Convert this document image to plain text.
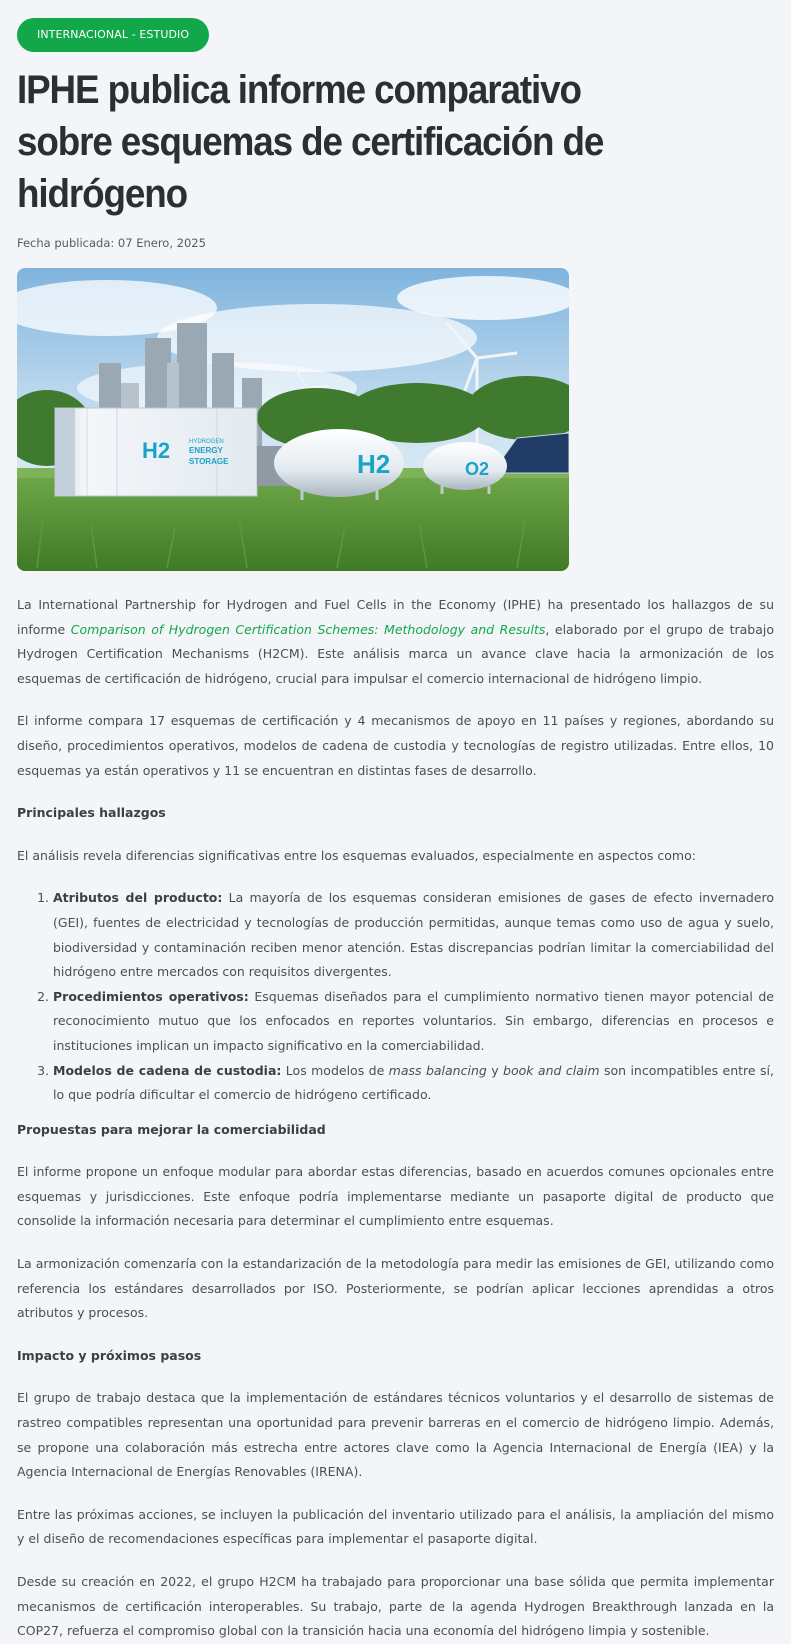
INTERNACIONAL - ESTUDIO
IPHE publica informe comparativo sobre esquemas de certificación de hidrógeno
Fecha publicada: 07 Enero, 2025
H2	HYDROGEN
ENERGY
STORAGE	H2	O2

La International Partnership for Hydrogen and Fuel Cells in the Economy (IPHE) ha presentado los hallazgos de su informe Comparison of Hydrogen Certification Schemes: Methodology and Results, elaborado por el grupo de trabajo Hydrogen Certification Mechanisms (H2CM). Este análisis marca un avance clave hacia la armonización de los esquemas de certificación de hidrógeno, crucial para impulsar el comercio internacional de hidrógeno limpio.

El informe compara 17 esquemas de certificación y 4 mecanismos de apoyo en 11 países y regiones, abordando su diseño, procedimientos operativos, modelos de cadena de custodia y tecnologías de registro utilizadas. Entre ellos, 10 esquemas ya están operativos y 11 se encuentran en distintas fases de desarrollo.

Principales hallazgos

El análisis revela diferencias significativas entre los esquemas evaluados, especialmente en aspectos como:

1. Atributos del producto: La mayoría de los esquemas consideran emisiones de gases de efecto invernadero (GEI), fuentes de electricidad y tecnologías de producción permitidas, aunque temas como uso de agua y suelo, biodiversidad y contaminación reciben menor atención. Estas discrepancias podrían limitar la comerciabilidad del hidrógeno entre mercados con requisitos divergentes.
2. Procedimientos operativos: Esquemas diseñados para el cumplimiento normativo tienen mayor potencial de reconocimiento mutuo que los enfocados en reportes voluntarios. Sin embargo, diferencias en procesos e instituciones implican un impacto significativo en la comerciabilidad.
3. Modelos de cadena de custodia: Los modelos de mass balancing y book and claim son incompatibles entre sí, lo que podría dificultar el comercio de hidrógeno certificado.
Propuestas para mejorar la comerciabilidad

El informe propone un enfoque modular para abordar estas diferencias, basado en acuerdos comunes opcionales entre esquemas y jurisdicciones. Este enfoque podría implementarse mediante un pasaporte digital de producto que consolide la información necesaria para determinar el cumplimiento entre esquemas.

La armonización comenzaría con la estandarización de la metodología para medir las emisiones de GEI, utilizando como referencia los estándares desarrollados por ISO. Posteriormente, se podrían aplicar lecciones aprendidas a otros atributos y procesos.

Impacto y próximos pasos

El grupo de trabajo destaca que la implementación de estándares técnicos voluntarios y el desarrollo de sistemas de rastreo compatibles representan una oportunidad para prevenir barreras en el comercio de hidrógeno limpio. Además, se propone una colaboración más estrecha entre actores clave como la Agencia Internacional de Energía (IEA) y la Agencia Internacional de Energías Renovables (IRENA).

Entre las próximas acciones, se incluyen la publicación del inventario utilizado para el análisis, la ampliación del mismo y el diseño de recomendaciones específicas para implementar el pasaporte digital.

Desde su creación en 2022, el grupo H2CM ha trabajado para proporcionar una base sólida que permita implementar mecanismos de certificación interoperables. Su trabajo, parte de la agenda Hydrogen Breakthrough lanzada en la COP27, refuerza el compromiso global con la transición hacia una economía del hidrógeno limpia y sostenible.
